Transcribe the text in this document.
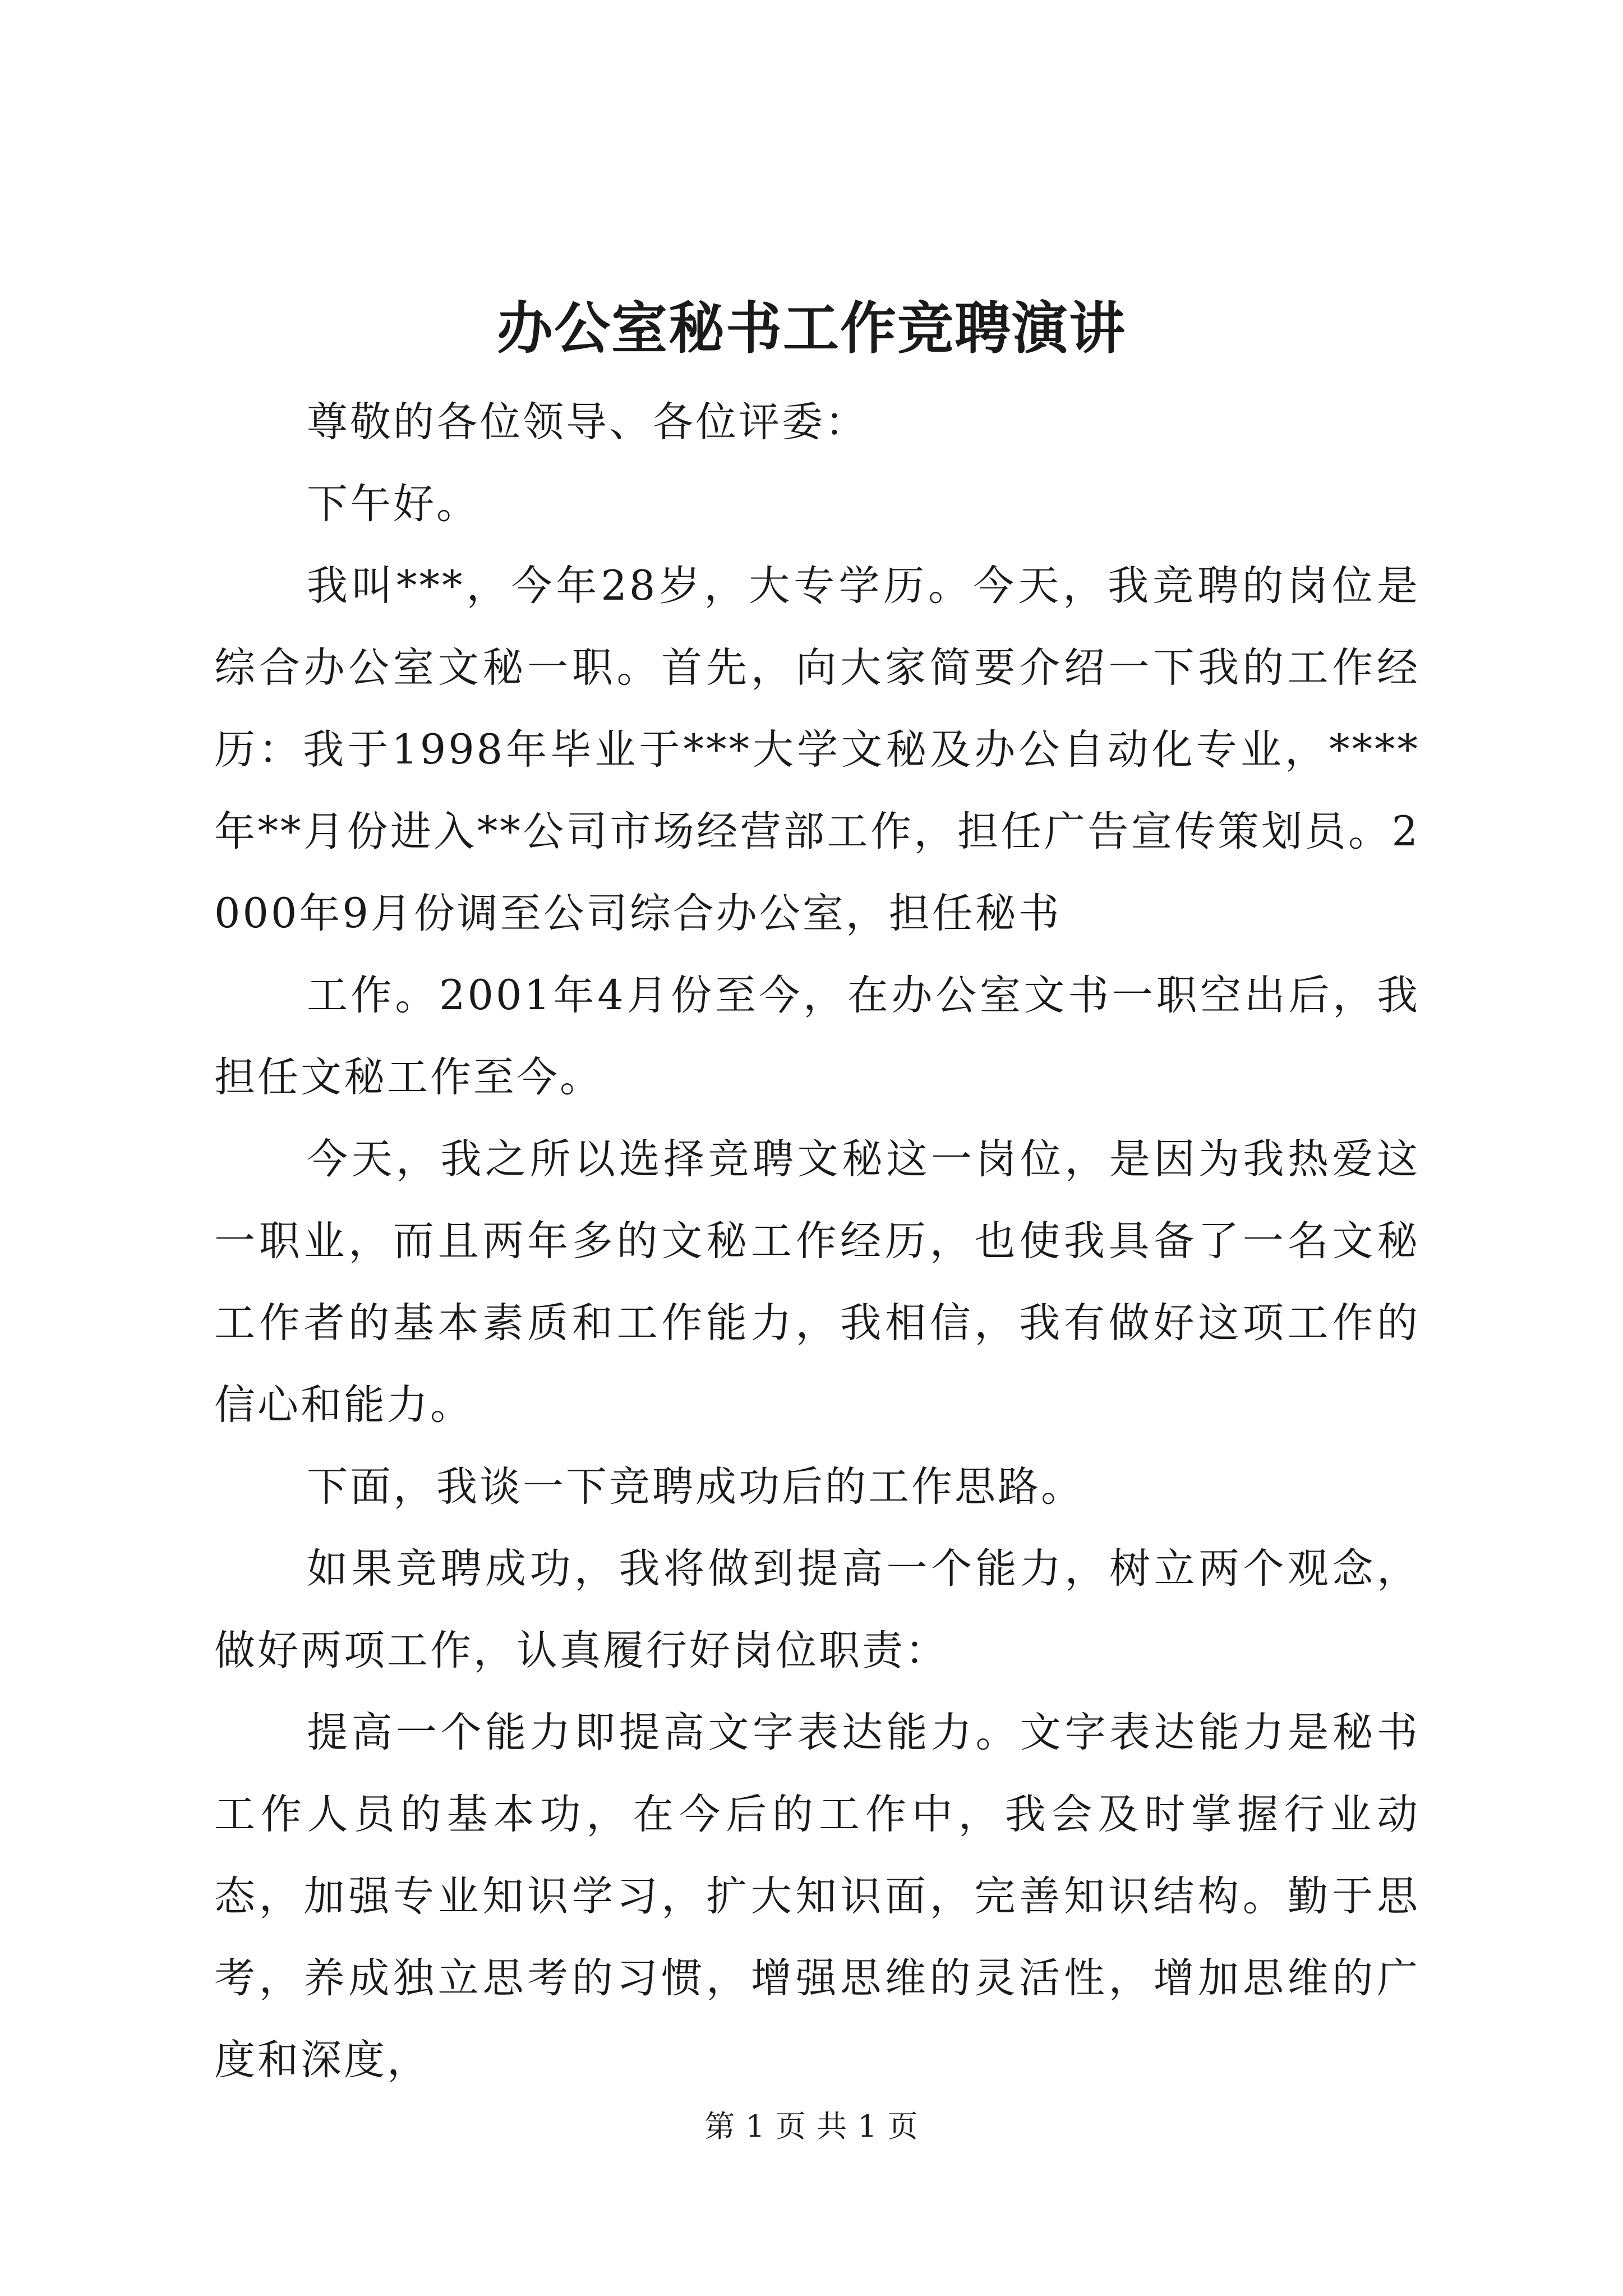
办公室秘书工作竞聘演讲

尊敬的各位领导、各位评委：

下午好。

我叫***，今年28岁，大专学历。今天，我竞聘的岗位是综合办公室文秘一职。首先，向大家简要介绍一下我的工作经历：我于1998年毕业于***大学文秘及办公自动化专业，****年**月份进入**公司市场经营部工作，担任广告宣传策划员。2000年9月份调至公司综合办公室，担任秘书

工作。2001年4月份至今，在办公室文书一职空出后，我担任文秘工作至今。

今天，我之所以选择竞聘文秘这一岗位，是因为我热爱这一职业，而且两年多的文秘工作经历，也使我具备了一名文秘工作者的基本素质和工作能力，我相信，我有做好这项工作的信心和能力。

下面，我谈一下竞聘成功后的工作思路。

如果竞聘成功，我将做到提高一个能力，树立两个观念，做好两项工作，认真履行好岗位职责：

提高一个能力即提高文字表达能力。文字表达能力是秘书工作人员的基本功，在今后的工作中，我会及时掌握行业动态，加强专业知识学习，扩大知识面，完善知识结构。勤于思考，养成独立思考的习惯，增强思维的灵活性，增加思维的广度和深度，

第 1 页 共 1 页
